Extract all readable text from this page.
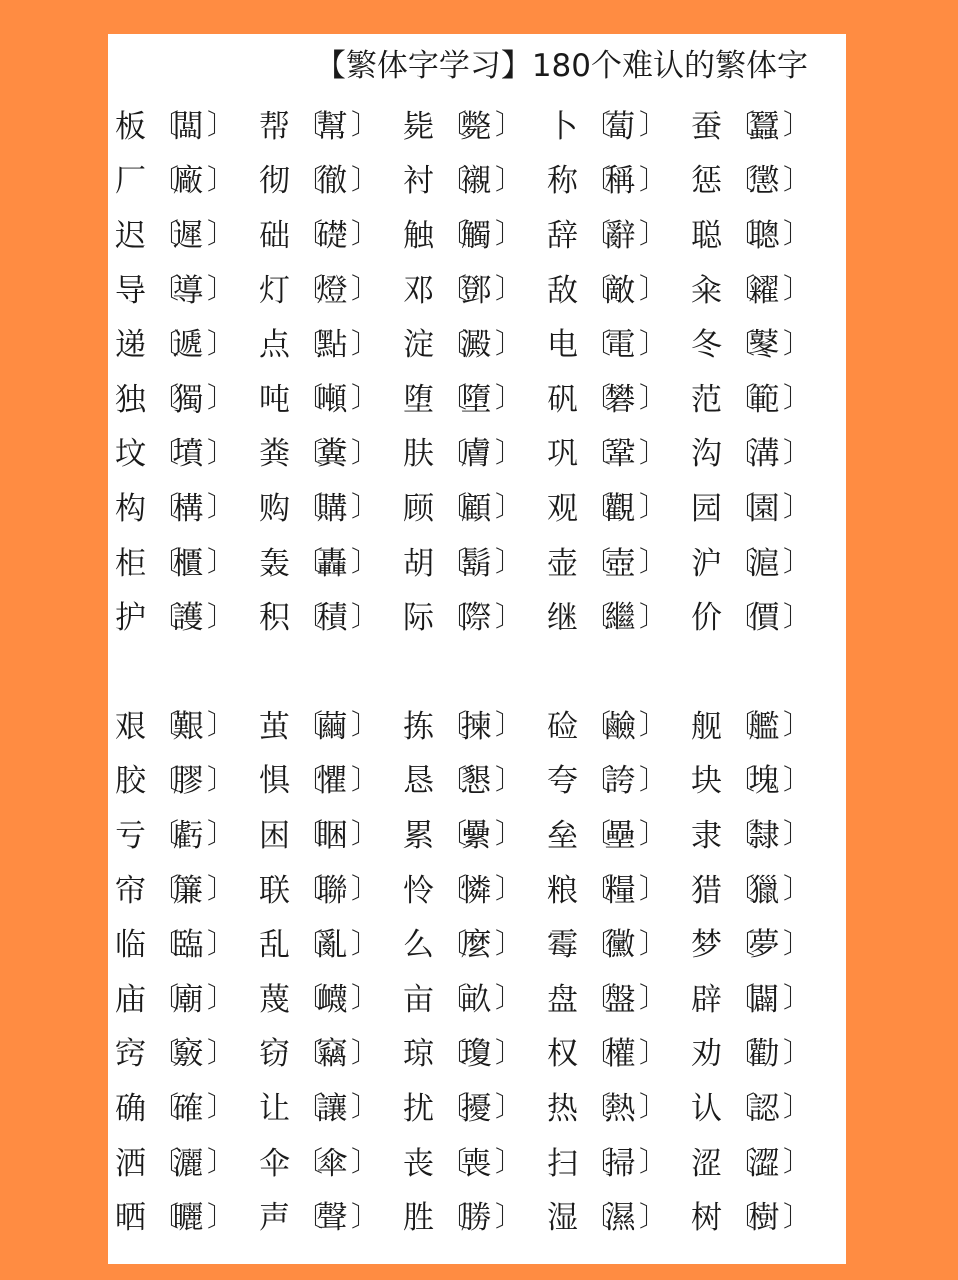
【繁体字学习】180个难认的繁体字
板 〔
闆 〕 帮 〔
幫 〕 毙 〔
斃 〕 卜 〔
蔔 〕 蚕 〔
蠶 〕
厂 〔
廠 〕 彻 〔
徹 〕 衬 〔
襯 〕 称 〔
稱 〕 惩 〔
懲 〕
迟 〔
遲 〕 础 〔
礎 〕 触 〔
觸 〕 辞 〔
辭 〕 聪 〔
聰 〕
导 〔
導 〕 灯 〔
燈 〕 邓 〔
鄧 〕 敌 〔
敵 〕 籴 〔
糴 〕
递 〔
遞 〕 点 〔
點 〕 淀 〔
澱 〕 电 〔
電 〕 冬 〔
鼕 〕
独 〔
獨 〕 吨 〔
噸 〕 堕 〔
墮 〕 矾 〔
礬 〕 范 〔
範 〕
坟 〔
墳 〕 粪 〔
糞 〕 肤 〔
膚 〕 巩 〔
鞏 〕 沟 〔
溝 〕
构 〔
構 〕 购 〔
購 〕 顾 〔
顧 〕 观 〔
觀 〕 园 〔
園 〕
柜 〔
櫃 〕 轰 〔
轟 〕 胡 〔
鬍 〕 壶 〔
壺 〕 沪 〔
滬 〕
护 〔
護 〕 积 〔
積 〕 际 〔
際 〕 继 〔
繼 〕 价 〔
價 〕
艰 〔
艱 〕 茧 〔
繭 〕 拣 〔
揀 〕 硷 〔
鹼 〕 舰 〔
艦 〕
胶 〔
膠 〕 惧 〔
懼 〕 恳 〔
懇 〕 夸 〔
誇 〕 块 〔
塊 〕
亏 〔
虧 〕 困 〔
睏 〕 累 〔
纍 〕 垒 〔
壘 〕 隶 〔
隸 〕
帘 〔
簾 〕 联 〔
聯 〕 怜 〔
憐 〕 粮 〔
糧 〕 猎 〔
獵 〕
临 〔
臨 〕 乱 〔
亂 〕 么 〔
麼 〕 霉 〔
黴 〕 梦 〔
夢 〕
庙 〔
廟 〕 蔑 〔
衊 〕 亩 〔
畝 〕 盘 〔
盤 〕 辟 〔
闢 〕
窍 〔
竅 〕 窃 〔
竊 〕 琼 〔
瓊 〕 权 〔
權 〕 劝 〔
勸 〕
确 〔
確 〕 让 〔
讓 〕 扰 〔
擾 〕 热 〔
熱 〕 认 〔
認 〕
洒 〔
灑 〕 伞 〔
傘 〕 丧 〔
喪 〕 扫 〔
掃 〕 涩 〔
澀 〕
晒 〔
曬 〕 声 〔
聲 〕 胜 〔
勝 〕 湿 〔
濕 〕 树 〔
樹 〕
